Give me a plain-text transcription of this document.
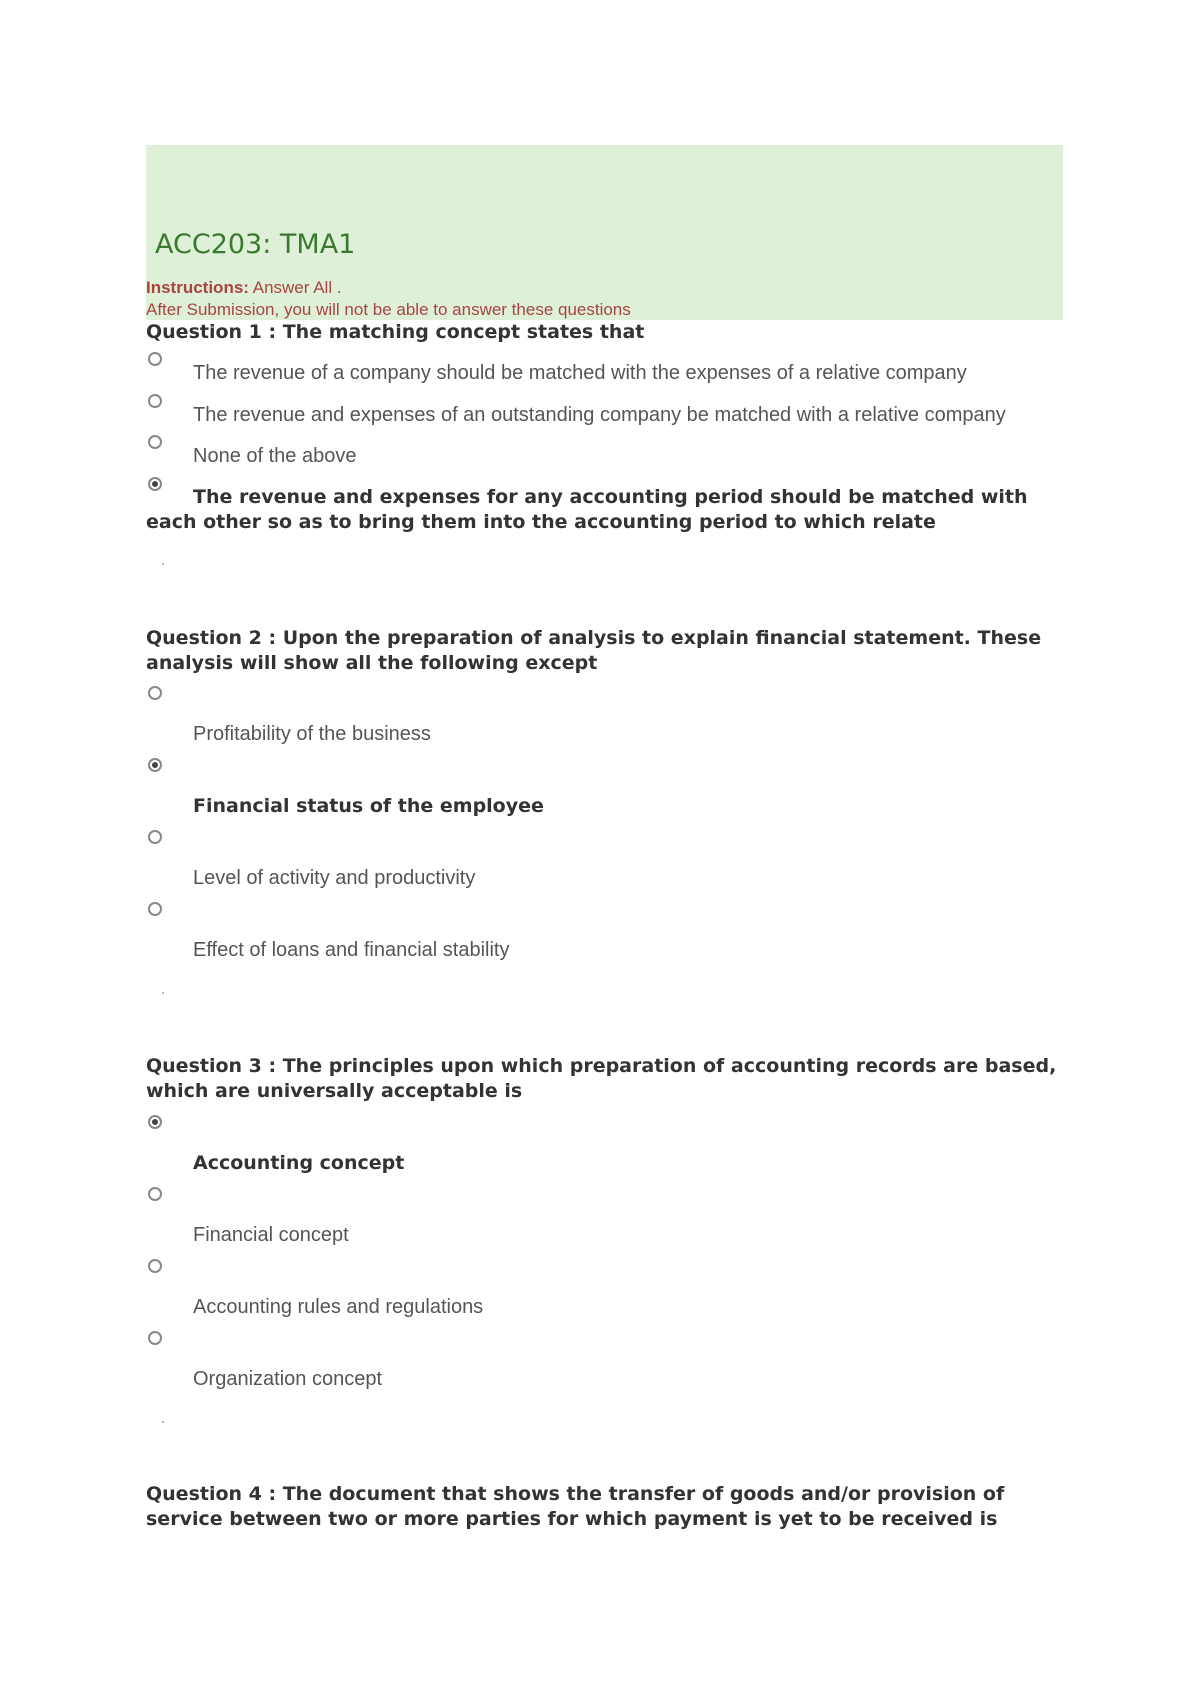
ACC203: TMA1
Instructions: Answer All .
After Submission, you will not be able to answer these questions
Question 1 : The matching concept states that
The revenue of a company should be matched with the expenses of a relative company
The revenue and expenses of an outstanding company be matched with a relative company
None of the above
The revenue and expenses for any accounting period should be matched with each other so as to bring them into the accounting period to which relate
Question 2 : Upon the preparation of analysis to explain financial statement. These analysis will show all the following except
Profitability of the business
Financial status of the employee
Level of activity and productivity
Effect of loans and financial stability
Question 3 : The principles upon which preparation of accounting records are based, which are universally acceptable is
Accounting concept
Financial concept
Accounting rules and regulations
Organization concept
Question 4 : The document that shows the transfer of goods and/or provision of service between two or more parties for which payment is yet to be received is
